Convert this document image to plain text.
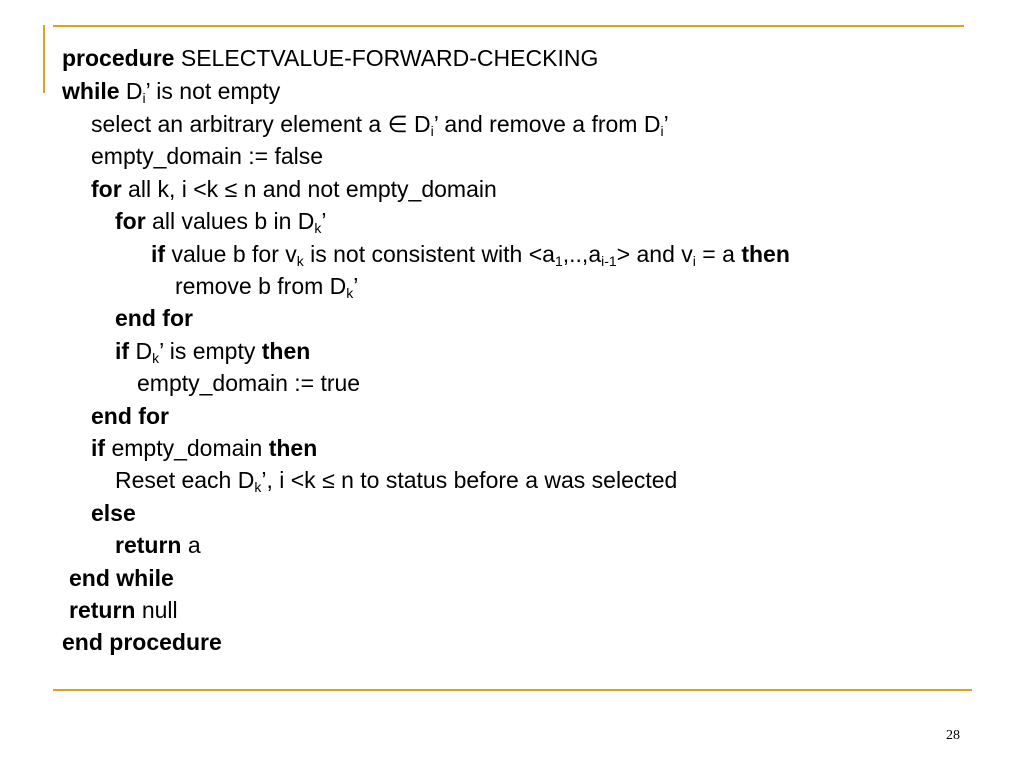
procedure SELECTVALUE-FORWARD-CHECKING
while $D_i$’ is not empty
select an arbitrary element a ∈ $D_i$’ and remove a from $D_i$’
empty_domain := false
for all k, i <k ≤ n and not empty_domain
for all values b in $D_k$’
if value b for $v_k$ is not consistent with $<a_1,..,a_{i-1}>$ and $v_i = a$ then
remove b from $D_k$’
end for
if $D_k$’ is empty then
empty_domain := true
end for
if empty_domain then
Reset each $D_k$’, i <k ≤ n to status before a was selected
else
return a
end while
return null
end procedure
28
